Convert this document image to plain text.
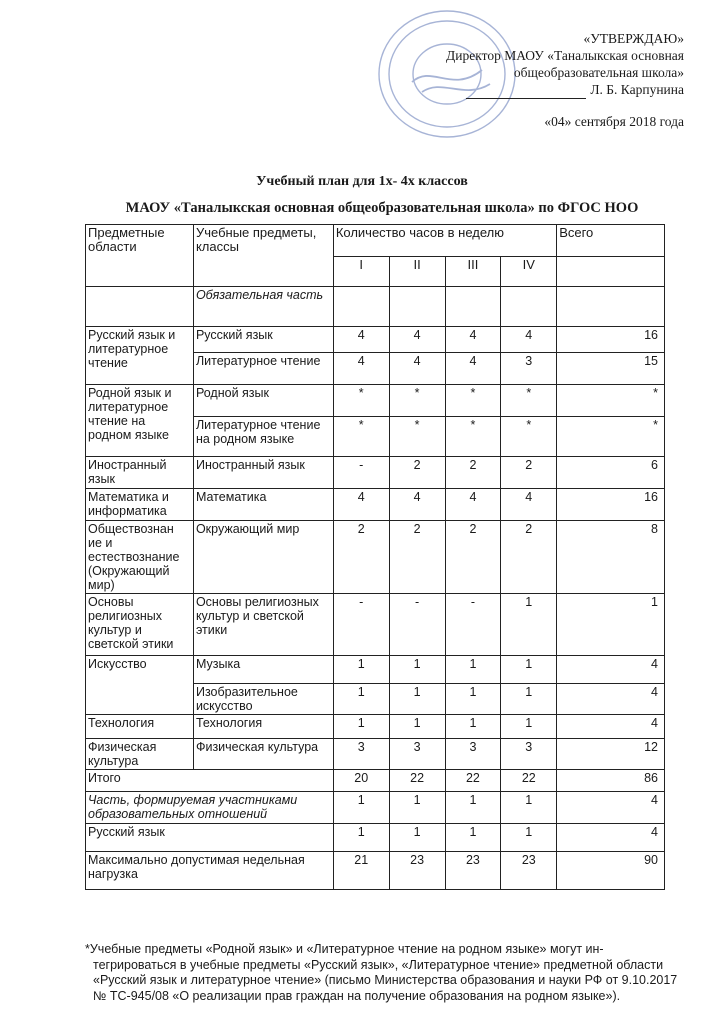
«УТВЕРЖДАЮ»
Директор МАОУ «Таналыкская основная
общеобразовательная школа»
Л. Б. Карпунина
«04» сентября 2018 года
Учебный план для 1х- 4х классов
МАОУ «Таналыкская основная общеобразовательная школа» по ФГОС НОО
Предметные области	Учебные предметы, классы	Количество часов в неделю				Всего
		I	II	III	IV	
	Обязательная часть					
Русский язык и литературное чтение	Русский язык	4	4	4	4	16
	Литературное чтение	4	4	4	3	15
Родной язык и литературное чтение на родном языке	Родной язык	*	*	*	*	*
	Литературное чтение на родном языке	*	*	*	*	*
Иностранный язык	Иностранный язык	-	2	2	2	6
Математика и информатика	Математика	4	4	4	4	16
Обществознан ие и естествознание (Окружающий мир)	Окружающий мир	2	2	2	2	8
Основы религиозных культур и светской этики	Основы религиозных культур и светской этики	-	-	-	1	1
Искусство	Музыка	1	1	1	1	4
	Изобразительное искусство	1	1	1	1	4
Технология	Технология	1	1	1	1	4
Физическая культура	Физическая культура	3	3	3	3	12
Итого		20	22	22	22	86
Часть, формируемая участниками образовательных отношений		1	1	1	1	4
Русский язык		1	1	1	1	4
Максимально допустимая недельная нагрузка		21	23	23	23	90
*Учебные предметы «Родной язык» и «Литературное чтение на родном языке» могут ин-
тегрироваться в учебные предметы «Русский язык», «Литературное чтение» предметной области
«Русский язык и литературное чтение» (письмо Министерства образования и науки РФ от 9.10.2017
№ ТС-945/08 «О реализации прав граждан на получение образования на родном языке»).
